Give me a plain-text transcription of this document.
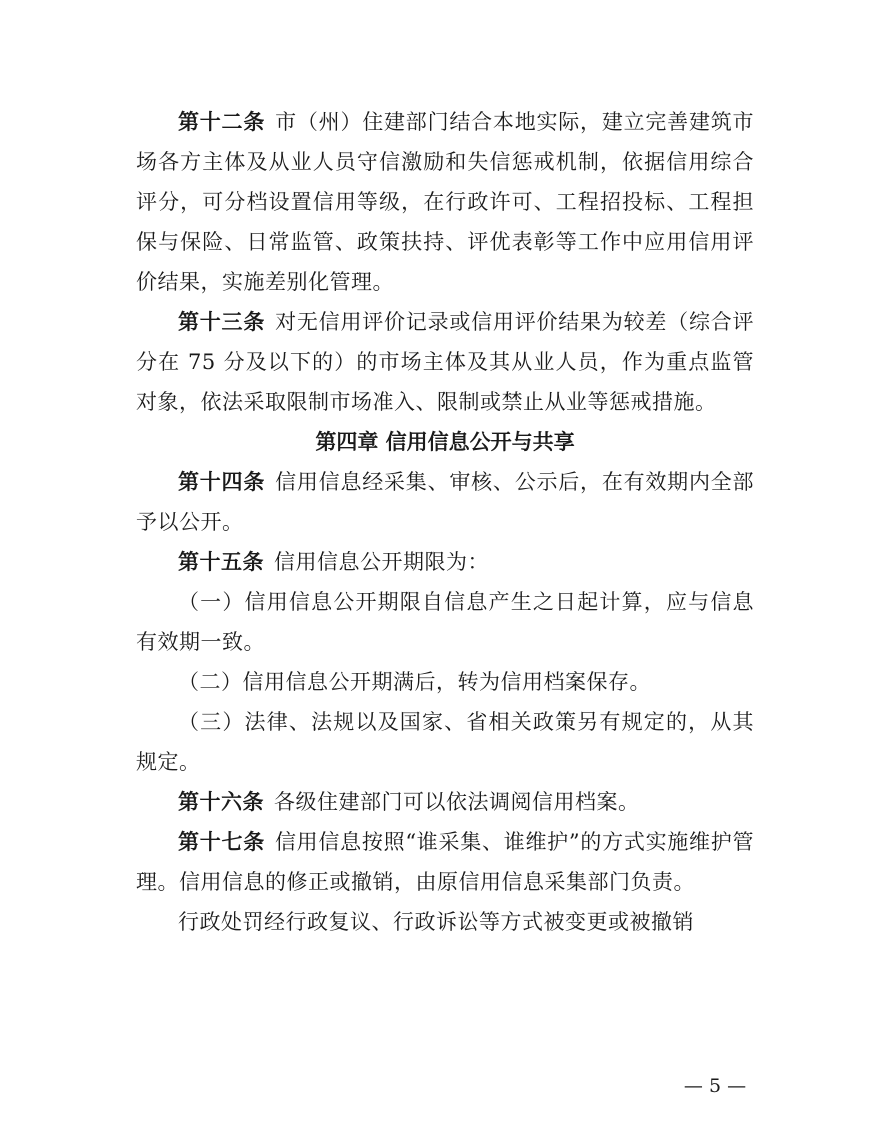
第十二条 市（州）住建部门结合本地实际，建立完善建筑市场各方主体及从业人员守信激励和失信惩戒机制，依据信用综合评分，可分档设置信用等级，在行政许可、工程招投标、工程担保与保险、日常监管、政策扶持、评优表彰等工作中应用信用评价结果，实施差别化管理。

第十三条 对无信用评价记录或信用评价结果为较差（综合评分在 75 分及以下的）的市场主体及其从业人员，作为重点监管对象，依法采取限制市场准入、限制或禁止从业等惩戒措施。

第四章 信用信息公开与共享

第十四条 信用信息经采集、审核、公示后，在有效期内全部予以公开。

第十五条 信用信息公开期限为：

（一）信用信息公开期限自信息产生之日起计算，应与信息有效期一致。

（二）信用信息公开期满后，转为信用档案保存。

（三）法律、法规以及国家、省相关政策另有规定的，从其规定。

第十六条 各级住建部门可以依法调阅信用档案。

第十七条 信用信息按照“谁采集、谁维护”的方式实施维护管理。信用信息的修正或撤销，由原信用信息采集部门负责。

行政处罚经行政复议、行政诉讼等方式被变更或被撤销

— 5 —
